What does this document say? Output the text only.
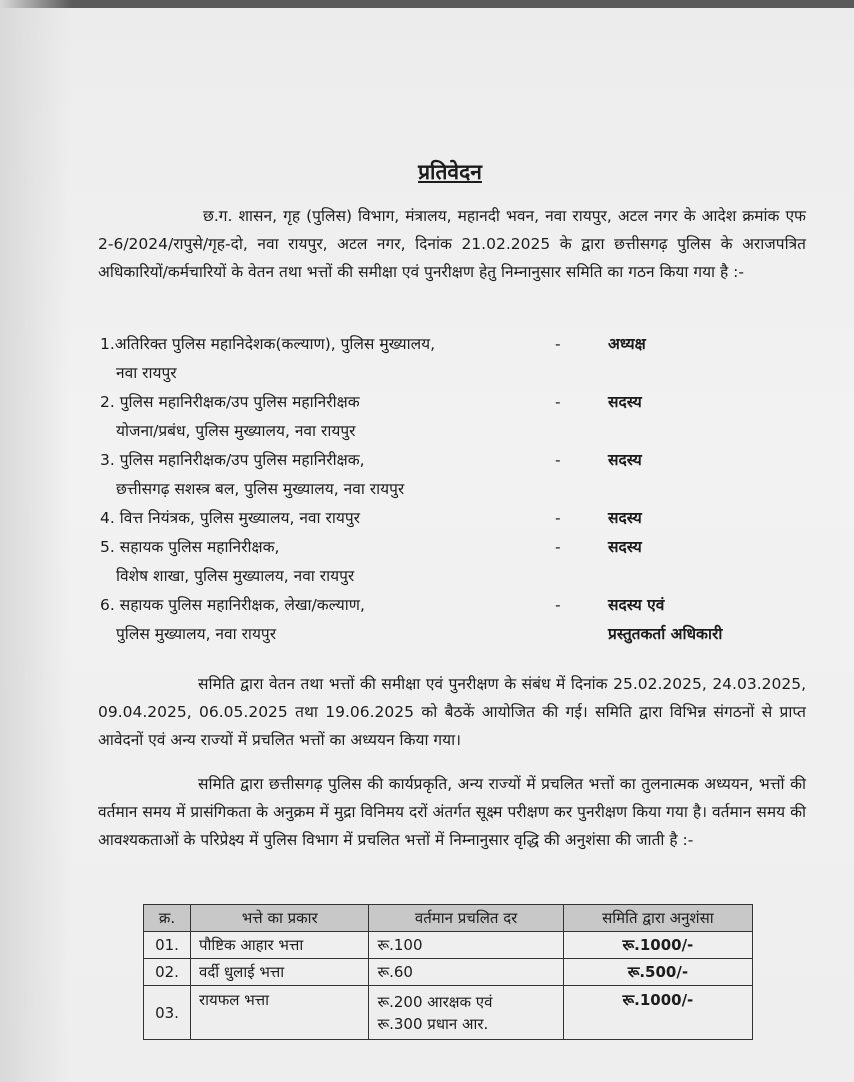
प्रतिवेदन
छ.ग. शासन, गृह (पुलिस) विभाग, मंत्रालय, महानदी भवन, नवा रायपुर, अटल नगर के आदेश क्रमांक एफ 2-6/2024/रापुसे/गृह-दो, नवा रायपुर, अटल नगर, दिनांक 21.02.2025 के द्वारा छत्तीसगढ़ पुलिस के अराजपत्रित अधिकारियों/कर्मचारियों के वेतन तथा भत्तों की समीक्षा एवं पुनरीक्षण हेतु निम्नानुसार समिति का गठन किया गया है :-
1.अतिरिक्त पुलिस महानिदेशक(कल्याण), पुलिस मुख्यालय,
नवा रायपुर
-	अध्यक्ष
2. पुलिस महानिरीक्षक/उप पुलिस महानिरीक्षक
योजना/प्रबंध, पुलिस मुख्यालय, नवा रायपुर
-	सदस्य
3. पुलिस महानिरीक्षक/उप पुलिस महानिरीक्षक,
छत्तीसगढ़ सशस्त्र बल, पुलिस मुख्यालय, नवा रायपुर
-	सदस्य
4. वित्त नियंत्रक, पुलिस मुख्यालय, नवा रायपुर	-	सदस्य
5. सहायक पुलिस महानिरीक्षक,
विशेष शाखा, पुलिस मुख्यालय, नवा रायपुर
-	सदस्य
6. सहायक पुलिस महानिरीक्षक, लेखा/कल्याण,
पुलिस मुख्यालय, नवा रायपुर
-	सदस्य एवं
प्रस्तुतकर्ता अधिकारी
समिति द्वारा वेतन तथा भत्तों की समीक्षा एवं पुनरीक्षण के संबंध में दिनांक 25.02.2025, 24.03.2025, 09.04.2025, 06.05.2025 तथा 19.06.2025 को बैठकें आयोजित की गई। समिति द्वारा विभिन्न संगठनों से प्राप्त आवेदनों एवं अन्य राज्यों में प्रचलित भत्तों का अध्ययन किया गया।
समिति द्वारा छत्तीसगढ़ पुलिस की कार्यप्रकृति, अन्य राज्यों में प्रचलित भत्तों का तुलनात्मक अध्ययन, भत्तों की वर्तमान समय में प्रासंगिकता के अनुक्रम में मुद्रा विनिमय दरों अंतर्गत सूक्ष्म परीक्षण कर पुनरीक्षण किया गया है। वर्तमान समय की आवश्यकताओं के परिप्रेक्ष्य में पुलिस विभाग में प्रचलित भत्तों में निम्नानुसार वृद्धि की अनुशंसा की जाती है :-
क्र.	भत्ते का प्रकार	वर्तमान प्रचलित दर	समिति द्वारा अनुशंसा
01.	पौष्टिक आहार भत्ता	रू.100	रू.1000/-
02.	वर्दी धुलाई भत्ता	रू.60	रू.500/-
03.	रायफल भत्ता	रू.200 आरक्षक एवं
रू.300 प्रधान आर.	रू.1000/-
